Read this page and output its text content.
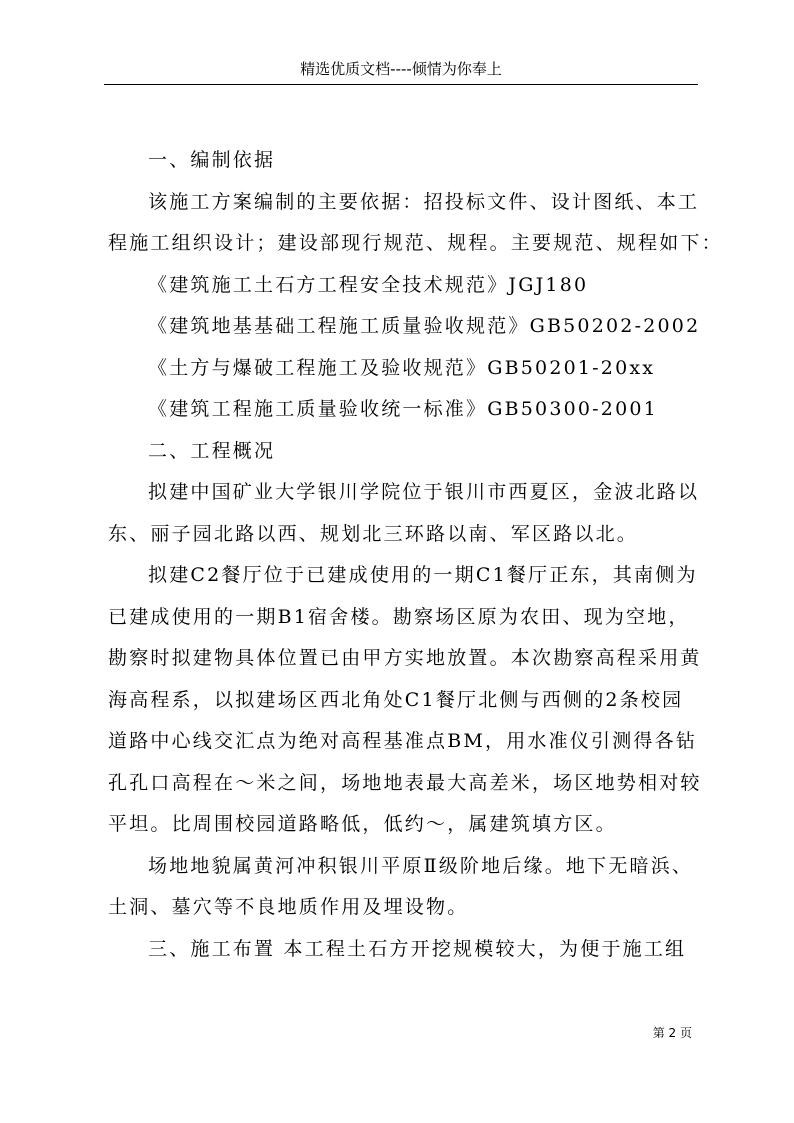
精选优质文档----倾情为你奉上
一、编制依据
该施工方案编制的主要依据：招投标文件、设计图纸、本工
程施工组织设计；建设部现行规范、规程。主要规范、规程如下：
《建筑施工土石方工程安全技术规范》JGJ180
《建筑地基基础工程施工质量验收规范》GB50202-2002
《土方与爆破工程施工及验收规范》GB50201-20xx
《建筑工程施工质量验收统一标准》GB50300-2001
二、工程概况
拟建中国矿业大学银川学院位于银川市西夏区，金波北路以
东、丽子园北路以西、规划北三环路以南、军区路以北。
拟建C2餐厅位于已建成使用的一期C1餐厅正东，其南侧为
已建成使用的一期B1宿舍楼。勘察场区原为农田、现为空地，
勘察时拟建物具体位置已由甲方实地放置。本次勘察高程采用黄
海高程系，以拟建场区西北角处C1餐厅北侧与西侧的2条校园
道路中心线交汇点为绝对高程基准点BM，用水准仪引测得各钻
孔孔口高程在～米之间，场地地表最大高差米，场区地势相对较
平坦。比周围校园道路略低，低约～，属建筑填方区。
场地地貌属黄河冲积银川平原Ⅱ级阶地后缘。地下无暗浜、
土洞、墓穴等不良地质作用及埋设物。
三、施工布置 本工程土石方开挖规模较大，为便于施工组
第 2 页
